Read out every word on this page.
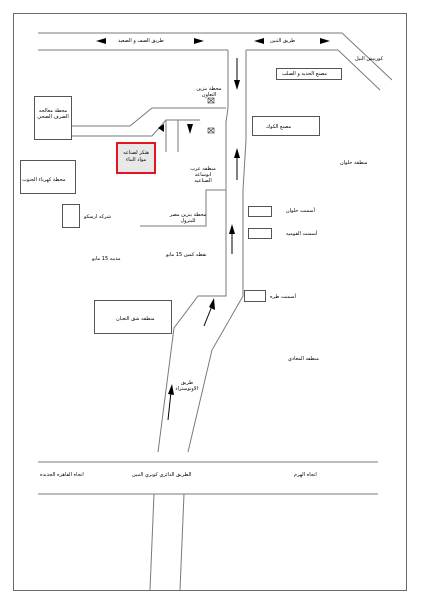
هنكر لصناعه مواد البناء
طريق الصف و الصعيد	طريق التبين
كورنيش النيل
محطة بنزين التعاون
مصنع الحديد و الصلب
مصنع الكوك
محطة معالجه الصرف الصحي
محطة كهرباء الجنوب
منطقه عرب ابوساعد الصناعيه
منطقه حلوان
محطة بنزين مصر للبترول
أسمنت حلوان
أسمنت القوميه
شركه ارسكو
مدينه 15 مايو
نقطه كمين 15 مايو
أسمنت طره
منطقه شق الثعبان
منطقه المعادي
طريق الاوتوستراد
الطريق الدائري كوبري التبين	اتجاه الهرم
اتجاه القاهره الجديده
